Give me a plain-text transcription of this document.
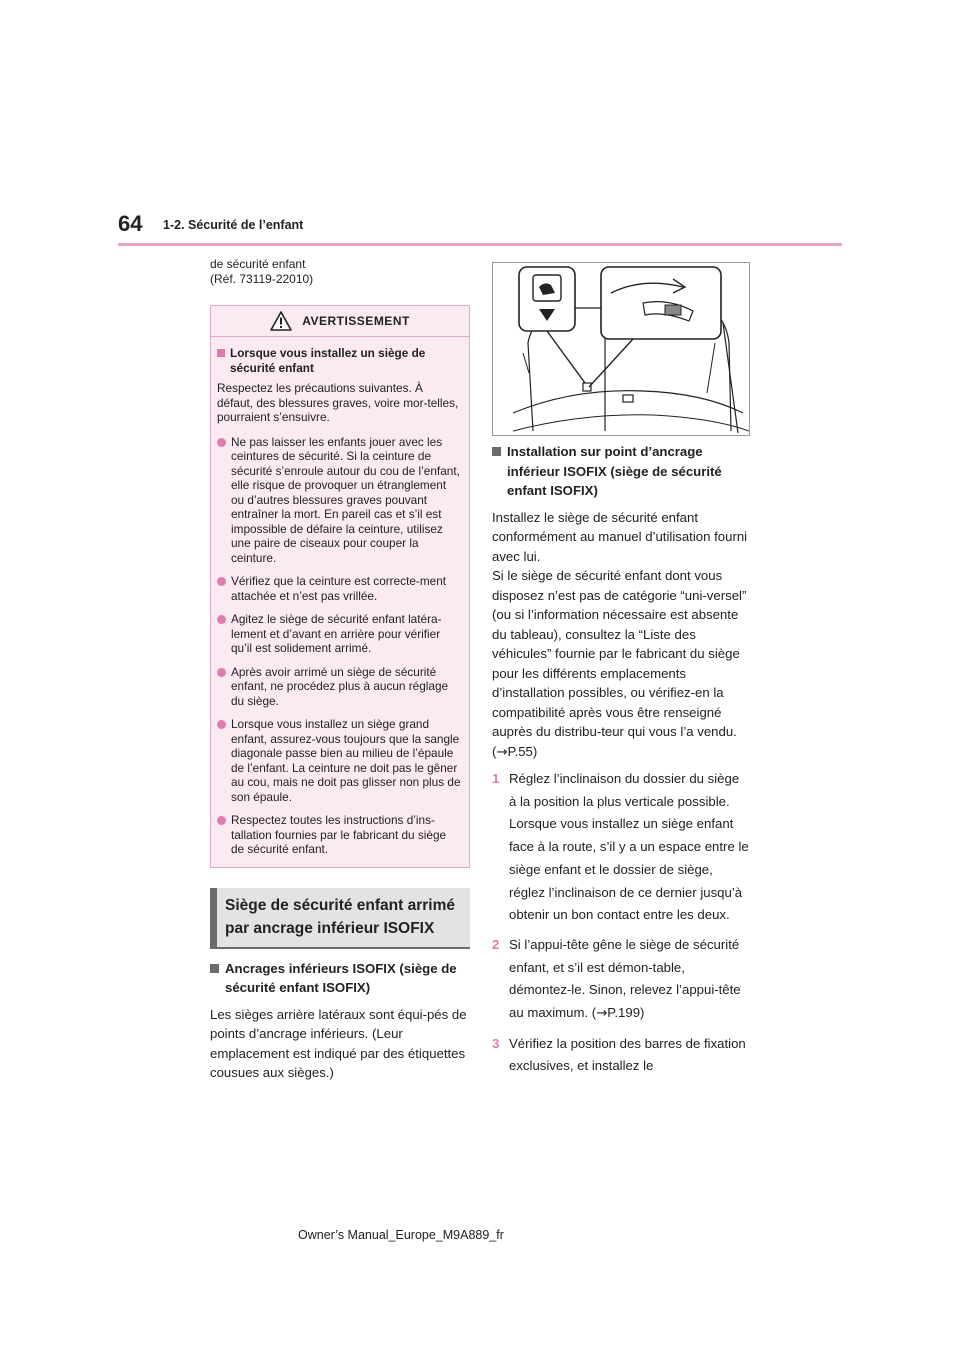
64 1-2. Sécurité de l’enfant

de sécurité enfant
(Réf. 73119-22010)

AVERTISSEMENT
Lorsque vous installez un siège de sécurité enfant

Respectez les précautions suivantes. À défaut, des blessures graves, voire mor-telles, pourraient s’ensuivre.

Ne pas laisser les enfants jouer avec les ceintures de sécurité. Si la ceinture de sécurité s’enroule autour du cou de l’enfant, elle risque de provoquer un étranglement ou d’autres blessures graves pouvant entraîner la mort. En pareil cas et s’il est impossible de défaire la ceinture, utilisez une paire de ciseaux pour couper la ceinture.
Vérifiez que la ceinture est correcte-ment attachée et n’est pas vrillée.
Agitez le siège de sécurité enfant latéra-lement et d’avant en arrière pour vérifier qu’il est solidement arrimé.
Après avoir arrimé un siège de sécurité enfant, ne procédez plus à aucun réglage du siège.
Lorsque vous installez un siège grand enfant, assurez-vous toujours que la sangle diagonale passe bien au milieu de l’épaule de l’enfant. La ceinture ne doit pas le gêner au cou, mais ne doit pas glisser non plus de son épaule.
Respectez toutes les instructions d’ins-tallation fournies par le fabricant du siège de sécurité enfant.
Siège de sécurité enfant arrimé par ancrage inférieur ISOFIX
Ancrages inférieurs ISOFIX (siège de sécurité enfant ISOFIX)

Les sièges arrière latéraux sont équi-pés de points d’ancrage inférieurs. (Leur emplacement est indiqué par des étiquettes cousues aux sièges.)

Installation sur point d’ancrage inférieur ISOFIX (siège de sécurité enfant ISOFIX)

Installez le siège de sécurité enfant conformément au manuel d’utilisation fourni avec lui.

Si le siège de sécurité enfant dont vous disposez n’est pas de catégorie “uni-versel” (ou si l’information nécessaire est absente du tableau), consultez la “Liste des véhicules” fournie par le fabricant du siège pour les différents emplacements d’installation possibles, ou vérifiez-en la compatibilité après vous être renseigné auprès du distribu-teur qui vous l’a vendu. (→P.55)

1 Réglez l’inclinaison du dossier du siège à la position la plus verticale possible. Lorsque vous installez un siège enfant face à la route, s’il y a un espace entre le siège enfant et le dossier de siège, réglez l’inclinaison de ce dernier jusqu’à obtenir un bon contact entre les deux.
2 Si l’appui-tête gêne le siège de sécurité enfant, et s’il est démon-table, démontez-le. Sinon, relevez l’appui-tête au maximum. (→P.199)
3 Vérifiez la position des barres de fixation exclusives, et installez le
Owner’s Manual_Europe_M9A889_fr
